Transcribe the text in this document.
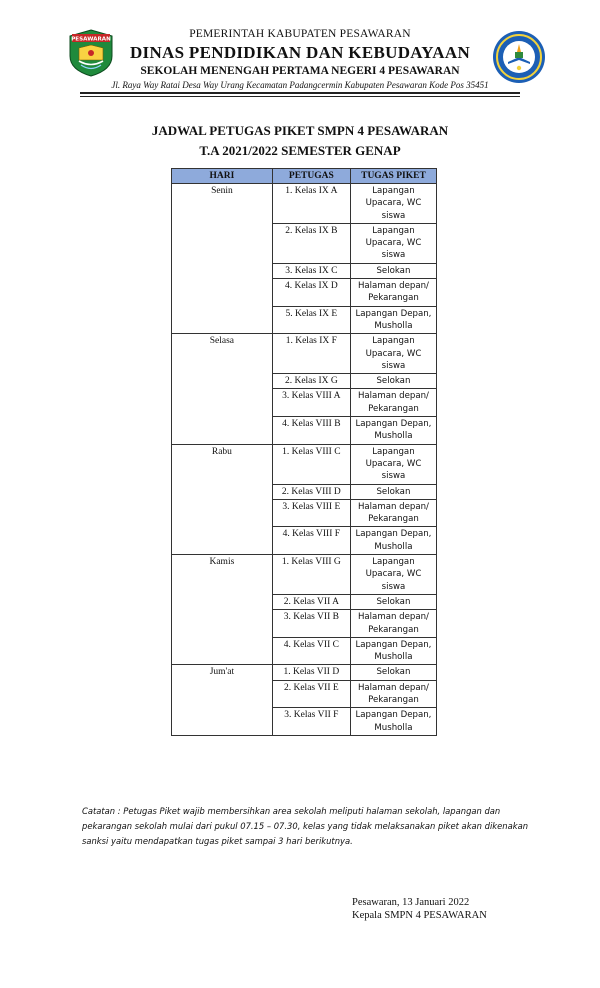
PESAWARAN	PEMERINTAH KABUPATEN PESAWARAN
DINAS PENDIDIKAN DAN KEBUDAYAAN
SEKOLAH MENENGAH PERTAMA NEGERI 4 PESAWARAN
Jl. Raya Way Ratai Desa Way Urang Kecamatan Padangcermin Kabupaten Pesawaran Kode Pos 35451
JADWAL PETUGAS PIKET SMPN 4 PESAWARAN
T.A 2021/2022 SEMESTER GENAP
HARI	PETUGAS	TUGAS PIKET
Senin	1. Kelas IX A	Lapangan Upacara, WC siswa
	2. Kelas IX B	Lapangan Upacara, WC siswa
	3. Kelas IX C	Selokan
	4. Kelas IX D	Halaman depan/ Pekarangan
	5. Kelas IX E	Lapangan Depan, Musholla
Selasa	1. Kelas IX F	Lapangan Upacara, WC siswa
	2. Kelas IX G	Selokan
	3. Kelas VIII A	Halaman depan/ Pekarangan
	4. Kelas VIII B	Lapangan Depan, Musholla
Rabu	1. Kelas VIII C	Lapangan Upacara, WC siswa
	2. Kelas VIII D	Selokan
	3. Kelas VIII E	Halaman depan/ Pekarangan
	4. Kelas VIII F	Lapangan Depan, Musholla
Kamis	1. Kelas VIII G	Lapangan Upacara, WC siswa
	2. Kelas VII A	Selokan
	3. Kelas VII B	Halaman depan/ Pekarangan
	4. Kelas VII C	Lapangan Depan, Musholla
Jum'at	1. Kelas VII D	Selokan
	2. Kelas VII E	Halaman depan/ Pekarangan
	3. Kelas VII F	Lapangan Depan, Musholla
Catatan : Petugas Piket wajib membersihkan area sekolah meliputi halaman sekolah, lapangan dan pekarangan sekolah mulai dari pukul 07.15 – 07.30, kelas yang tidak melaksanakan piket akan dikenakan sanksi yaitu mendapatkan tugas piket sampai 3 hari berikutnya.
Pesawaran, 13 Januari 2022
Kepala SMPN 4 PESAWARAN
